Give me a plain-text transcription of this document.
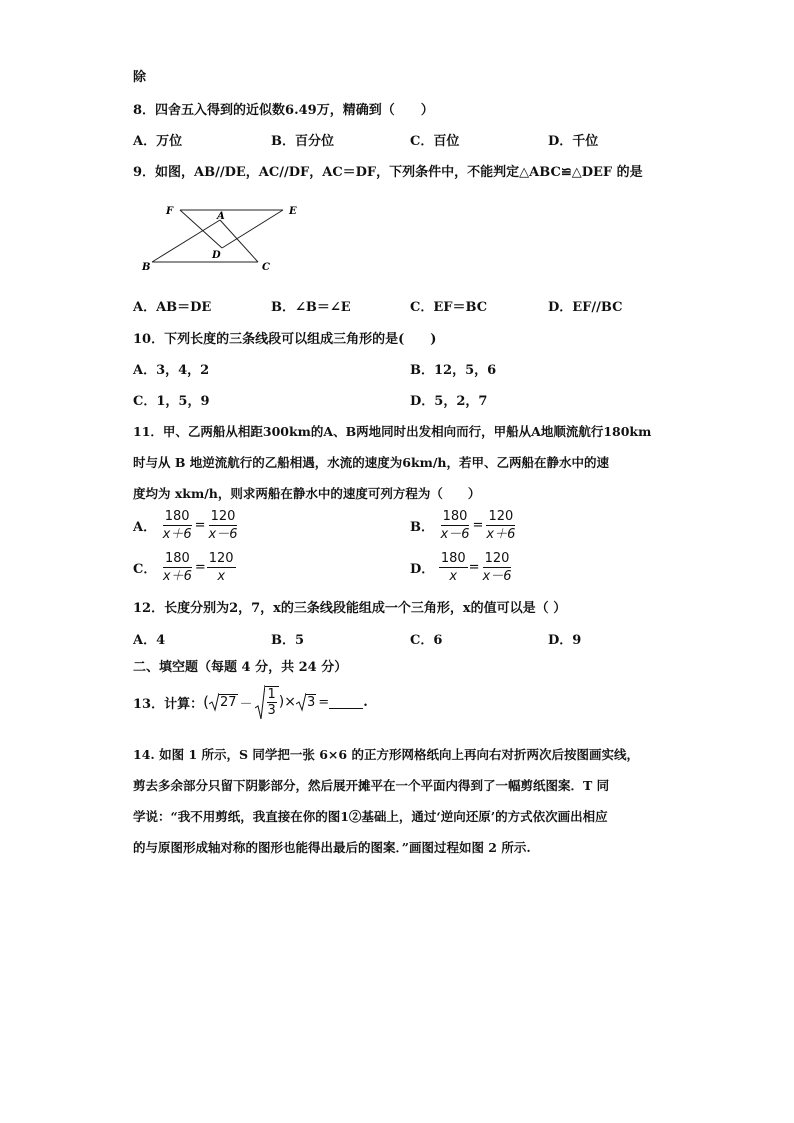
除
8．四舍五入得到的近似数6.49万，精确到（　　）
A．万位	B．百分位	C．百位	D．千位
9．如图，AB//DE，AC//DF，AC＝DF，下列条件中，不能判定△ABC≌△DEF 的是
F	A	E
D
B	C
A．AB＝DE	B．∠B＝∠E	C．EF＝BC	D．EF//BC
10．下列长度的三条线段可以组成三角形的是(　　)
A．3，4，2	B．12，5，6
C．1，5，9	D．5，2，7
11．甲、乙两船从相距300km的A、B两地同时出发相向而行，甲船从A地顺流航行180km
时与从 B 地逆流航行的乙船相遇，水流的速度为6km/h，若甲、乙两船在静水中的速
度均为 xkm/h，则求两船在静水中的速度可列方程为（　　）
A． $\frac{180}{x+6} = \frac{120}{x-6}$	B． $\frac{180}{x-6} = \frac{120}{x+6}$
C． $\frac{180}{x+6} = \frac{120}{x}$	D． $\frac{180}{x} = \frac{120}{x-6}$
12．长度分别为2，7，x的三条线段能组成一个三角形，x的值可以是（ ）
A．4	B．5	C．6	D．9
二、填空题（每题 4 分，共 24 分）
13．计算： ( 27 －
1
3
)× 3 =	.
14. 如图 1 所示，S 同学把一张 6×6 的正方形网格纸向上再向右对折两次后按图画实线，
剪去多余部分只留下阴影部分，然后展开摊平在一个平面内得到了一幅剪纸图案．T 同
学说：“我不用剪纸，我直接在你的图1②基础上，通过‘逆向还原’的方式依次画出相应
的与原图形成轴对称的图形也能得出最后的图案．”画图过程如图 2 所示.
